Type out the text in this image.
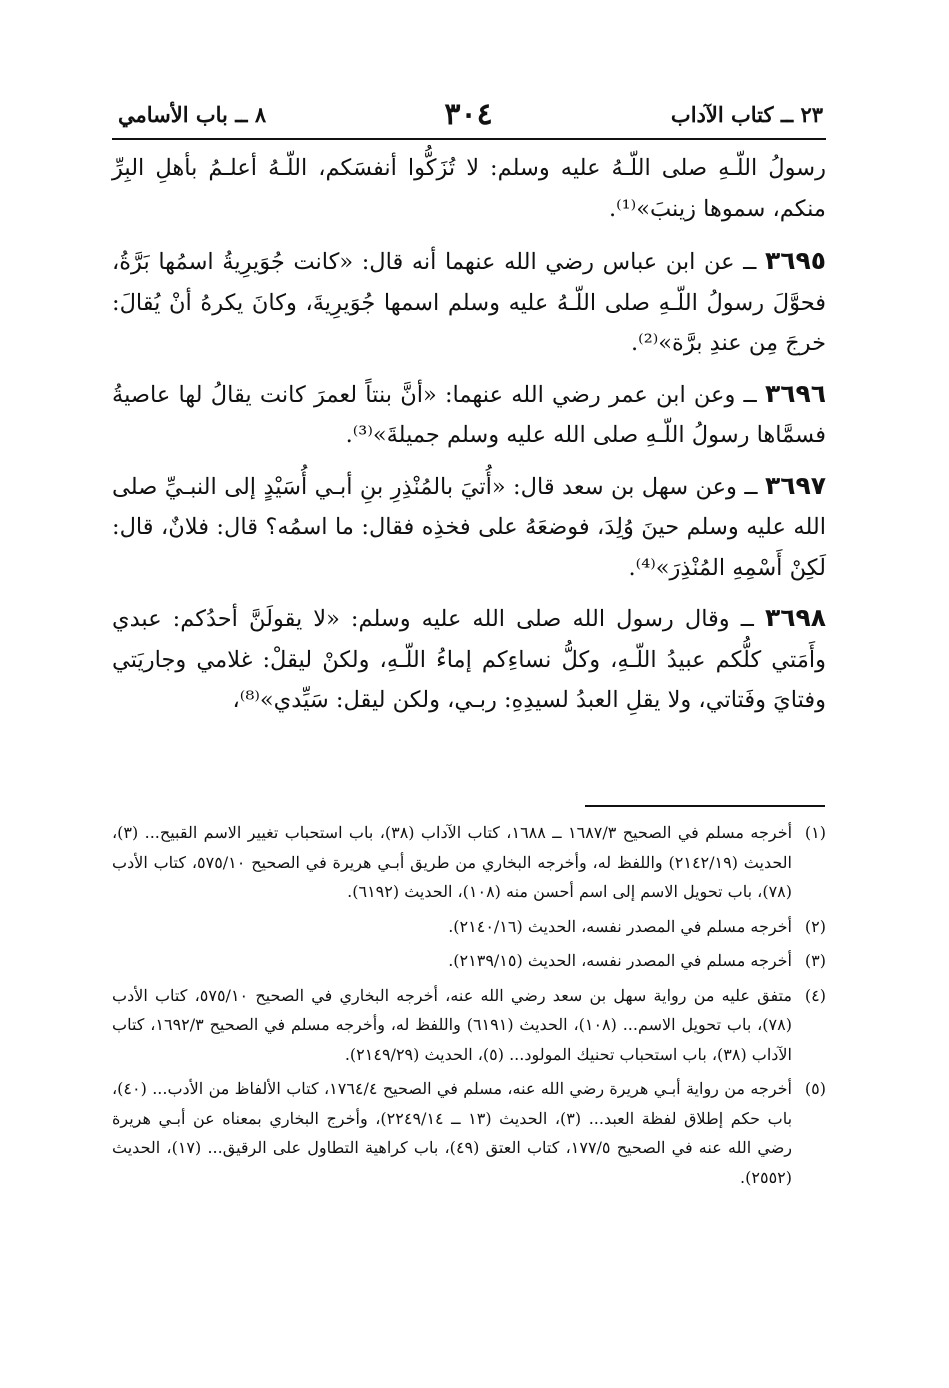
٢٣ ــ كتاب الآداب
٣٠٤
٨ ــ باب الأسامي

رسولُ اللّـهِ صلى اللّـهُ عليه وسلم: لا تُزَكُّوا أنفسَكم، اللّـهُ أعلـمُ بأهلِ البِرِّ منكم، سموها زينبَ»⁽¹⁾.

٣٦٩٥ ــ عن ابن عباس رضي الله عنهما أنه قال: «كانت جُوَيرِيةُ اسمُها بَرَّةُ، فحوَّلَ رسولُ اللّـهِ صلى اللّـهُ عليه وسلم اسمها جُوَيرِيةَ، وكانَ يكرهُ أنْ يُقالَ: خرجَ مِن عندِ برَّة»⁽²⁾.

٣٦٩٦ ــ وعن ابن عمر رضي الله عنهما: «أنَّ بنتاً لعمرَ كانت يقالُ لها عاصيةُ فسمَّاها رسولُ اللّـهِ صلى الله عليه وسلم جميلةَ»⁽³⁾.

٣٦٩٧ ــ وعن سهل بن سعد قال: «أُتيَ بالمُنْذِرِ بنِ أبـي أُسَيْدٍ إلى النبـيِّ صلى الله عليه وسلم حينَ وُلِدَ، فوضعَهُ على فخذِه فقال: ما اسمُه؟ قال: فلانٌ، قال: لَكِنْ أَسْمِهِ المُنْذِرَ»⁽⁴⁾.

٣٦٩٨ ــ وقال رسول الله صلى الله عليه وسلم: «لا يقولَنَّ أحدُكم: عبدي وأَمَتي كلُّكم عبيدُ اللّـهِ، وكلُّ نساءِكم إماءُ اللّـهِ، ولكنْ ليقلْ: غلامي وجاريَتي وفتايَ وفَتاتي، ولا يقلِ العبدُ لسيدِهِ: ربـي، ولكن ليقل: سَيِّدي»⁽⁸⁾،

(١)
أخرجه مسلم في الصحيح ١٦٨٧/٣ ــ ١٦٨٨، كتاب الآداب (٣٨)، باب استحباب تغيير الاسم القبيح... (٣)، الحديث (٢١٤٢/١٩) واللفظ له، وأخرجه البخاري من طريق أبـي هريرة في الصحيح ٥٧٥/١٠، كتاب الأدب (٧٨)، باب تحويل الاسم إلى اسم أحسن منه (١٠٨)، الحديث (٦١٩٢).
(٢)
أخرجه مسلم في المصدر نفسه، الحديث (٢١٤٠/١٦).
(٣)
أخرجه مسلم في المصدر نفسه، الحديث (٢١٣٩/١٥).
(٤)
متفق عليه من رواية سهل بن سعد رضي الله عنه، أخرجه البخاري في الصحيح ٥٧٥/١٠، كتاب الأدب (٧٨)، باب تحويل الاسم... (١٠٨)، الحديث (٦١٩١) واللفظ له، وأخرجه مسلم في الصحيح ١٦٩٢/٣، كتاب الآداب (٣٨)، باب استحباب تحنيك المولود... (٥)، الحديث (٢١٤٩/٢٩).
(٥)
أخرجه من رواية أبـي هريرة رضي الله عنه، مسلم في الصحيح ١٧٦٤/٤، كتاب الألفاظ من الأدب... (٤٠)، باب حكم إطلاق لفظة العبد... (٣)، الحديث (١٣ ــ ٢٢٤٩/١٤)، وأخرج البخاري بمعناه عن أبـي هريرة رضي الله عنه في الصحيح ١٧٧/٥، كتاب العتق (٤٩)، باب كراهية التطاول على الرقيق... (١٧)، الحديث (٢٥٥٢).
